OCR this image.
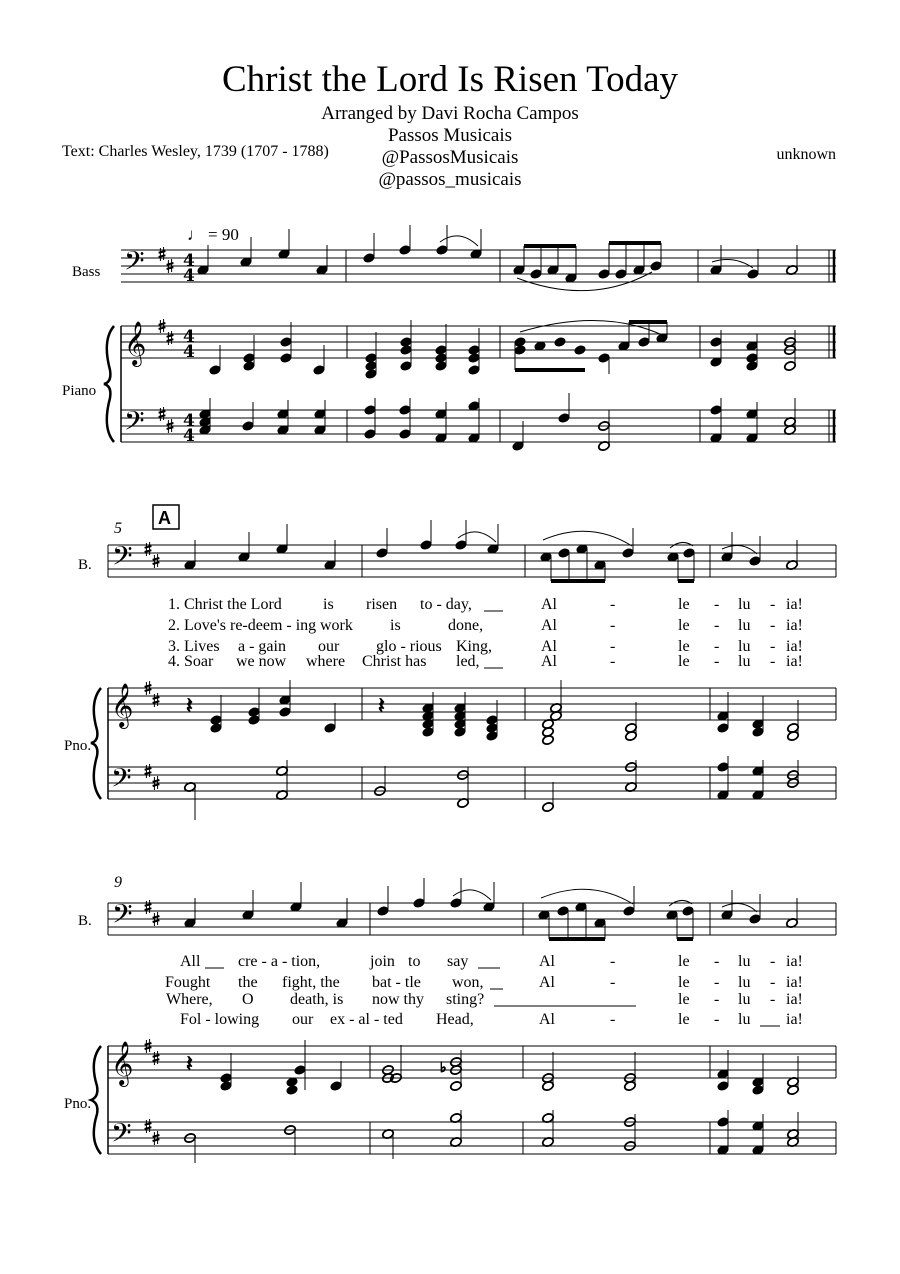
Christ the Lord Is Risen Today
Arranged by Davi Rocha Campos
Passos Musicais
@PassosMusicais
@passos_musicais
Text: Charles Wesley, 1739 (1707 - 1788)	unknown
♩ = 90
Bass
Piano
𝄢 4
4
𝄞
𝄢
4
4
4
4
5
A
B.
Pno.
𝄢
1. Christ the Lord	is risen to - day,	Al	-	le - lu - ia!
2. Love's re-deem - ing work is	done,	Al	-	le - lu - ia!
3. Lives a - gain our glo - rious King,	Al	-	le - lu - ia!
4. Soar we now where Christ has led,	Al	-	le - lu - ia!
𝄞
𝄢
𝄽	𝄽
9
B.
Pno.
𝄢
All cre - a - tion,	join to say	Al	-	le - lu - ia!
Fought the fight, the bat - tle won,	Al	-	le - lu - ia!
Where, O death, is now thy sting?	le - lu - ia!
Fol - lowing our ex - al - ted Head,	Al	-	le - lu ia!
𝄞
𝄢
𝄽	♭
